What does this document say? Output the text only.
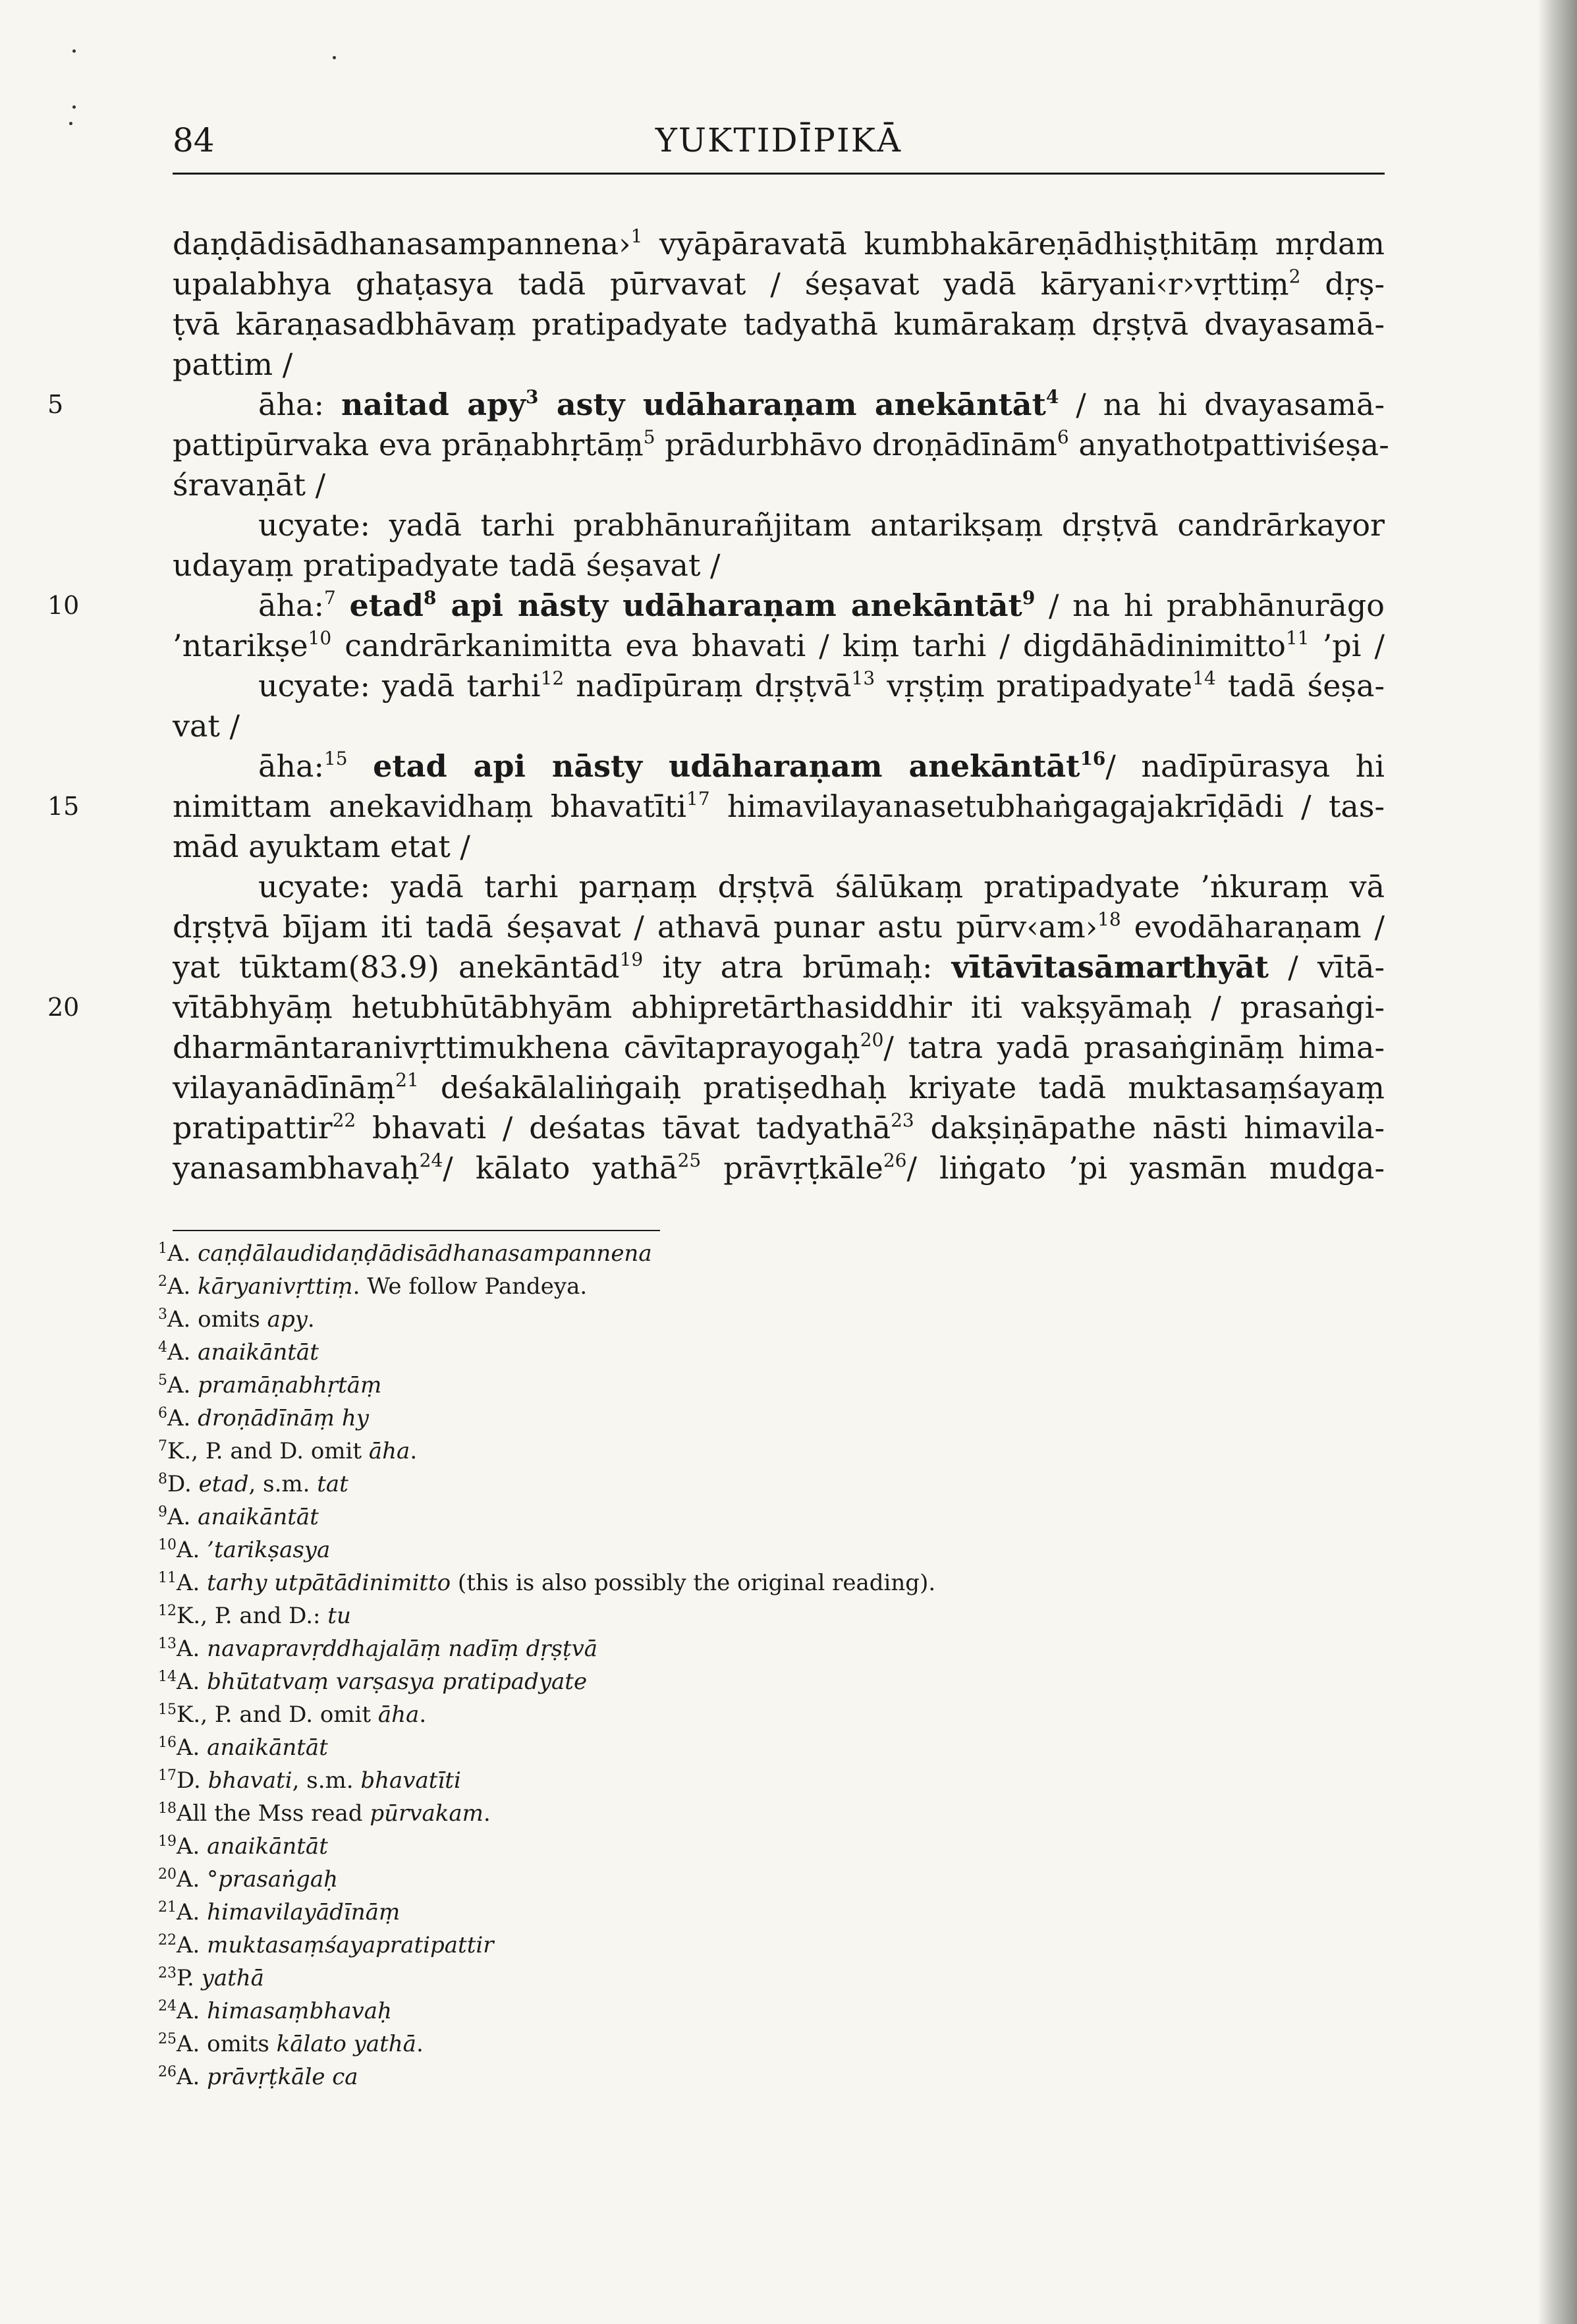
84	YUKTIDĪPIKĀ
daṇḍādisādhanasampannena›$^1$ vyāpāravatā kumbhakāreṇādhiṣṭhitāṃ mṛdam
upalabhya ghaṭasya tadā pūrvavat / śeṣavat yadā kāryani‹r›vṛttiṃ$^2$ dṛṣ-
ṭvā kāraṇasadbhāvaṃ pratipadyate tadyathā kumārakaṃ dṛṣṭvā dvayasamā-
pattim /
āha: naitad apy$^3$ asty udāharaṇam anekāntāt$^4$ / na hi dvayasamā-
5
pattipūrvaka eva prāṇabhṛtāṃ$^5$ prādurbhāvo droṇādīnām$^6$ anyathotpattiviśeṣa-
śravaṇāt /
ucyate: yadā tarhi prabhānurañjitam antarikṣaṃ dṛṣṭvā candrārkayor
udayaṃ pratipadyate tadā śeṣavat /
āha:$^7$ etad$^8$ api nāsty udāharaṇam anekāntāt$^9$ / na hi prabhānurāgo
10
’ntarikṣe$^{10}$ candrārkanimitta eva bhavati / kiṃ tarhi / digdāhādinimitto$^{11}$ ’pi /
ucyate: yadā tarhi$^{12}$ nadīpūraṃ dṛṣṭvā$^{13}$ vṛṣṭiṃ pratipadyate$^{14}$ tadā śeṣa-
vat /
āha:$^{15}$ etad api nāsty udāharaṇam anekāntāt$^{16}$/ nadīpūrasya hi
nimittam anekavidhaṃ bhavatīti$^{17}$ himavilayanasetubhaṅgagajakrīḍādi / tas-
15
mād ayuktam etat /
ucyate: yadā tarhi parṇaṃ dṛṣṭvā śālūkaṃ pratipadyate ’ṅkuraṃ vā
dṛṣṭvā bījam iti tadā śeṣavat / athavā punar astu pūrv‹am›$^{18}$ evodāharaṇam /
yat tūktam(83.9) anekāntād$^{19}$ ity atra brūmaḥ: vītāvītasāmarthyāt / vītā-
vītābhyāṃ hetubhūtābhyām abhipretārthasiddhir iti vakṣyāmaḥ / prasaṅgi-
20
dharmāntaranivṛttimukhena cāvītaprayogaḥ$^{20}$/ tatra yadā prasaṅgināṃ hima-
vilayanādīnāṃ$^{21}$ deśakālaliṅgaiḥ pratiṣedhaḥ kriyate tadā muktasaṃśayaṃ
pratipattir$^{22}$ bhavati / deśatas tāvat tadyathā$^{23}$ dakṣiṇāpathe nāsti himavila-
yanasambhavaḥ$^{24}$/ kālato yathā$^{25}$ prāvṛṭkāle$^{26}$/ liṅgato ’pi yasmān mudga-
$^1$A. caṇḍālaudidaṇḍādisādhanasampannena
$^2$A. kāryanivṛttiṃ. We follow Pandeya.
$^3$A. omits apy.
$^4$A. anaikāntāt
$^5$A. pramāṇabhṛtāṃ
$^6$A. droṇādīnāṃ hy
$^7$K., P. and D. omit āha.
$^8$D. etad, s.m. tat
$^9$A. anaikāntāt
$^{10}$A. ’tarikṣasya
$^{11}$A. tarhy utpātādinimitto (this is also possibly the original reading).
$^{12}$K., P. and D.: tu
$^{13}$A. navapravṛddhajalāṃ nadīṃ dṛṣṭvā
$^{14}$A. bhūtatvaṃ varṣasya pratipadyate
$^{15}$K., P. and D. omit āha.
$^{16}$A. anaikāntāt
$^{17}$D. bhavati, s.m. bhavatīti
$^{18}$All the Mss read pūrvakam.
$^{19}$A. anaikāntāt
$^{20}$A. °prasaṅgaḥ
$^{21}$A. himavilayādīnāṃ
$^{22}$A. muktasaṃśayapratipattir
$^{23}$P. yathā
$^{24}$A. himasaṃbhavaḥ
$^{25}$A. omits kālato yathā.
$^{26}$A. prāvṛṭkāle ca
